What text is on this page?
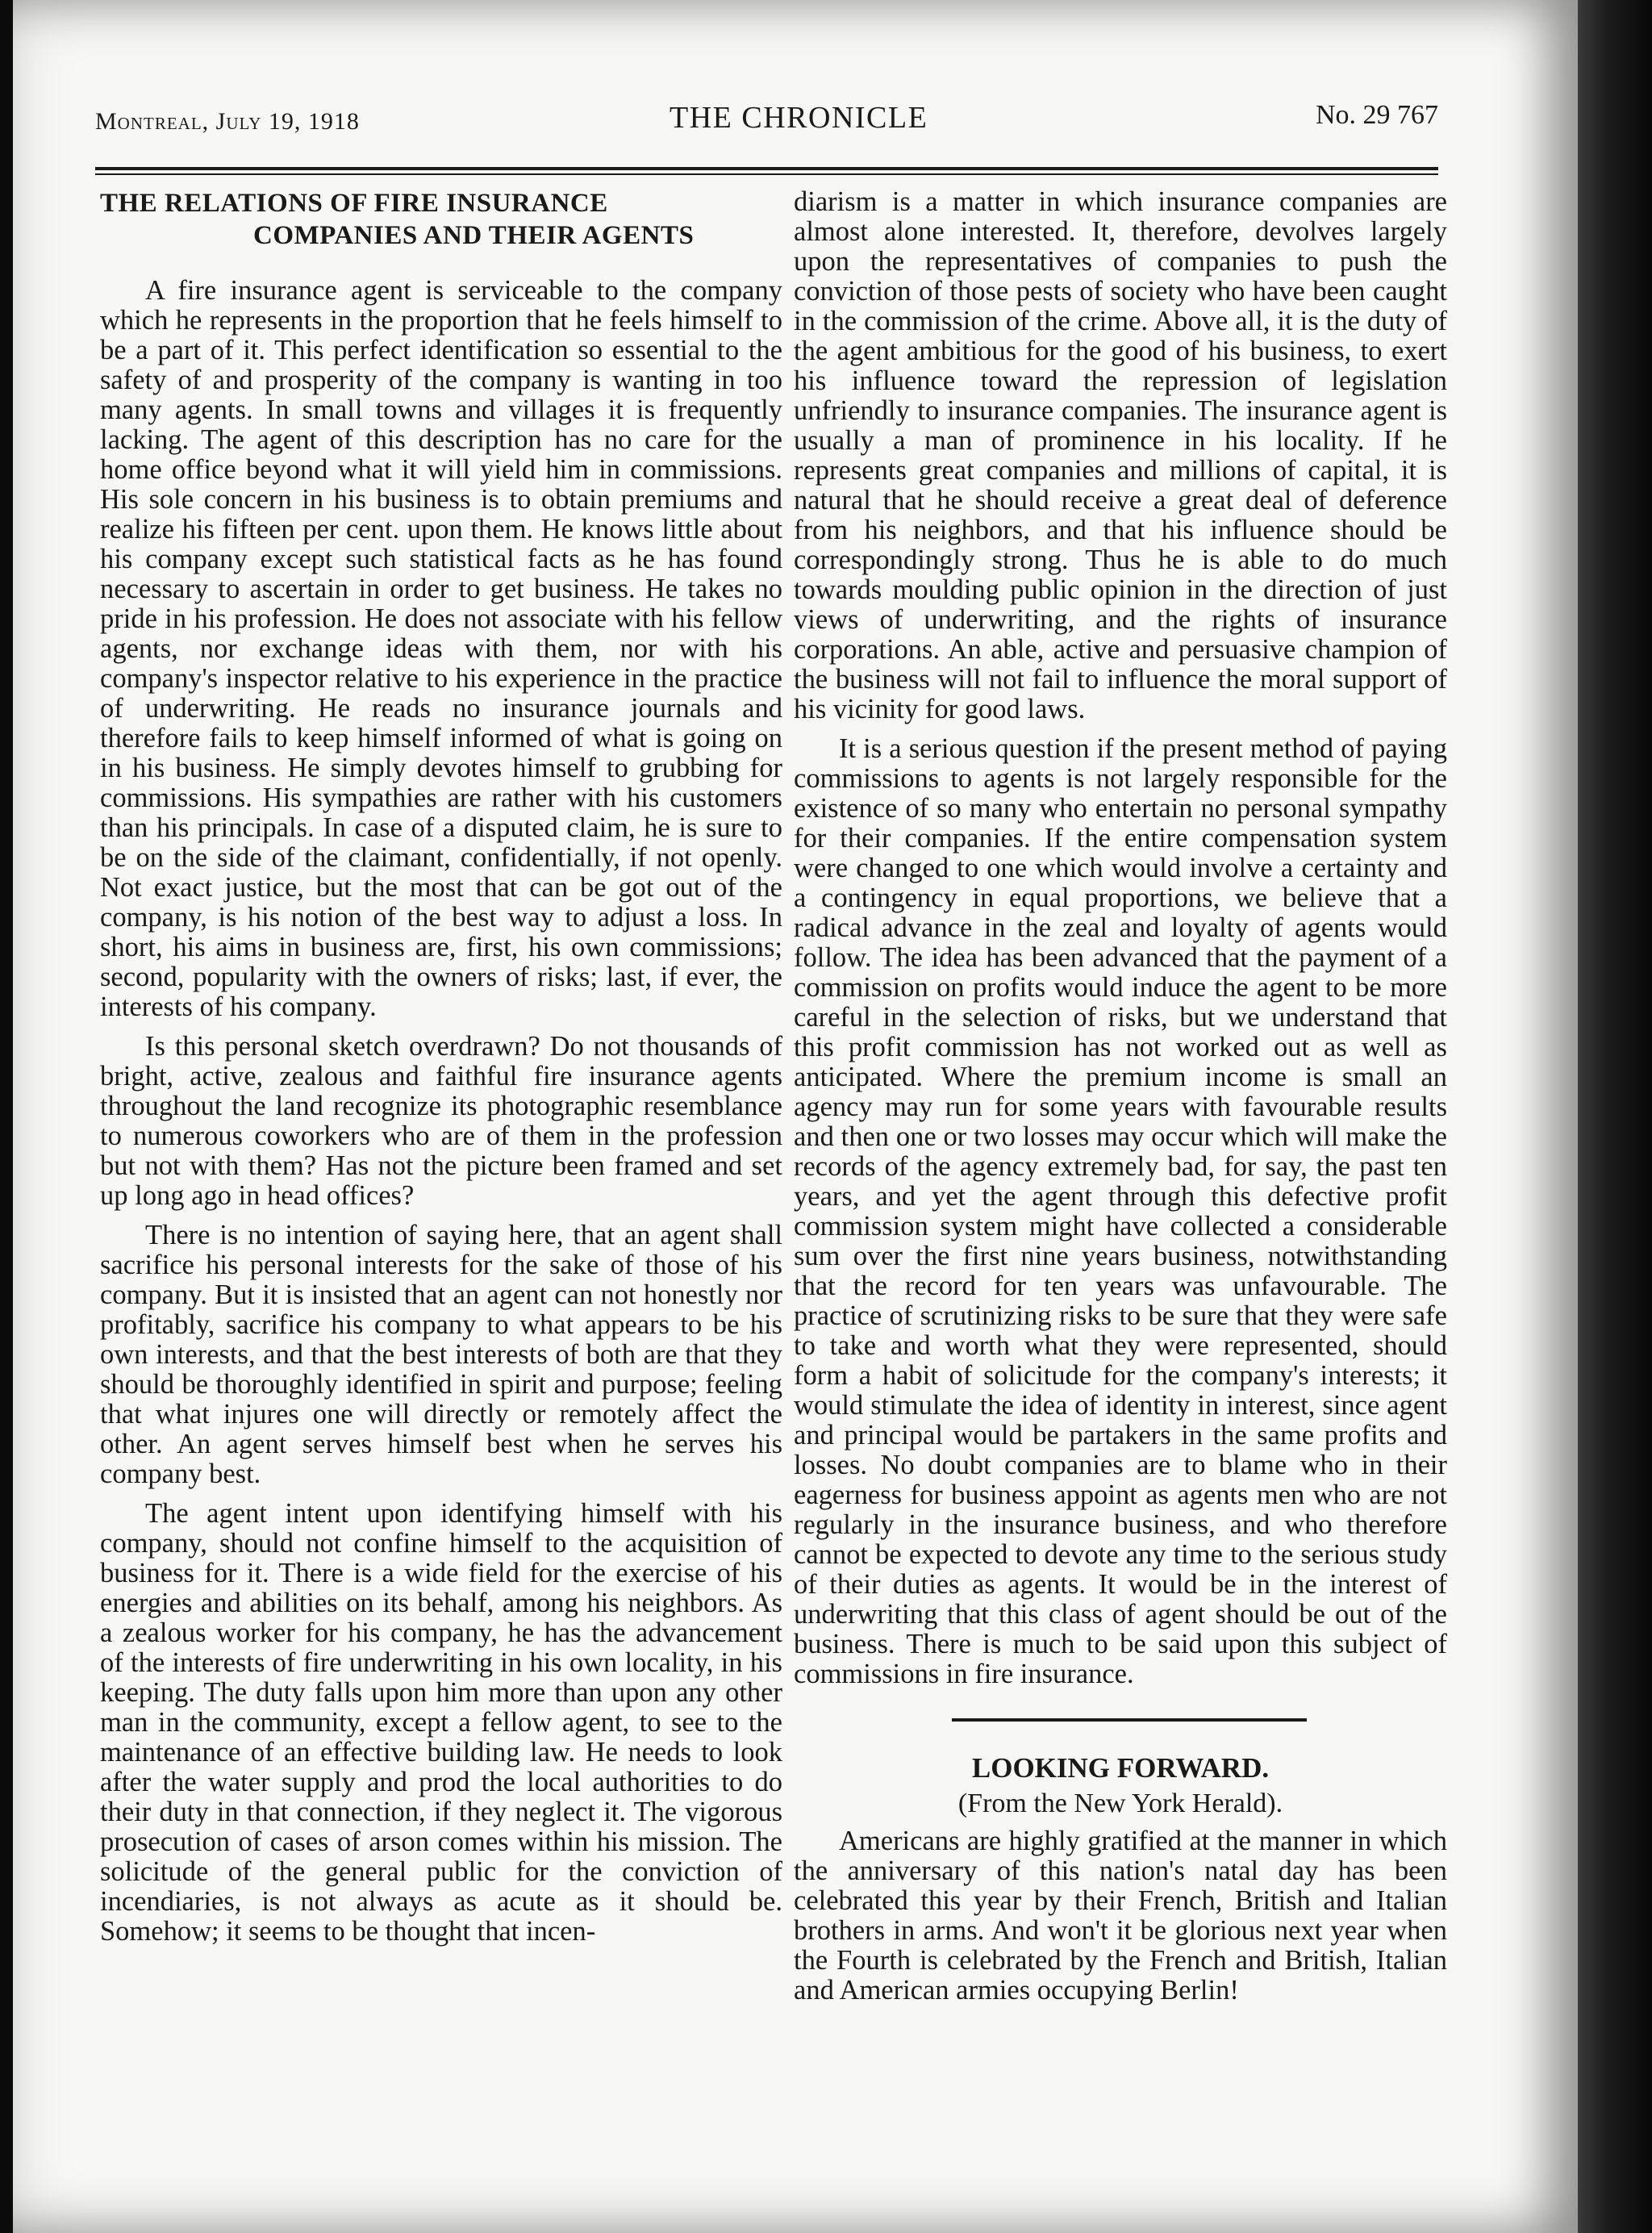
Montreal, July 19, 1918	THE CHRONICLE	No. 29 767
THE RELATIONS OF FIRE INSURANCE
COMPANIES AND THEIR AGENTS

A fire insurance agent is serviceable to the company which he represents in the proportion that he feels himself to be a part of it. This perfect identification so essential to the safety of and prosperity of the company is wanting in too many agents. In small towns and villages it is frequently lacking. The agent of this description has no care for the home office beyond what it will yield him in commissions. His sole concern in his business is to obtain premiums and realize his fifteen per cent. upon them. He knows little about his company except such statistical facts as he has found necessary to ascertain in order to get business. He takes no pride in his profession. He does not associate with his fellow agents, nor exchange ideas with them, nor with his company's inspector relative to his experience in the practice of underwriting. He reads no insurance journals and therefore fails to keep himself informed of what is going on in his business. He simply devotes himself to grubbing for commissions. His sympathies are rather with his customers than his principals. In case of a disputed claim, he is sure to be on the side of the claimant, confidentially, if not openly. Not exact justice, but the most that can be got out of the company, is his notion of the best way to adjust a loss. In short, his aims in business are, first, his own commissions; second, popularity with the owners of risks; last, if ever, the interests of his company.

Is this personal sketch overdrawn? Do not thousands of bright, active, zealous and faithful fire insurance agents throughout the land recognize its photographic resemblance to numerous coworkers who are of them in the profession but not with them? Has not the picture been framed and set up long ago in head offices?

There is no intention of saying here, that an agent shall sacrifice his personal interests for the sake of those of his company. But it is insisted that an agent can not honestly nor profitably, sacrifice his company to what appears to be his own interests, and that the best interests of both are that they should be thoroughly identified in spirit and purpose; feeling that what injures one will directly or remotely affect the other. An agent serves himself best when he serves his company best.

The agent intent upon identifying himself with his company, should not confine himself to the acquisition of business for it. There is a wide field for the exercise of his energies and abilities on its behalf, among his neighbors. As a zealous worker for his company, he has the advancement of the interests of fire underwriting in his own locality, in his keeping. The duty falls upon him more than upon any other man in the community, except a fellow agent, to see to the maintenance of an effective building law. He needs to look after the water supply and prod the local authorities to do their duty in that connection, if they neglect it. The vigorous prosecution of cases of arson comes within his mission. The solicitude of the general public for the conviction of incendiaries, is not always as acute as it should be. Somehow; it seems to be thought that incen-

diarism is a matter in which insurance companies are almost alone interested. It, therefore, devolves largely upon the representatives of companies to push the conviction of those pests of society who have been caught in the commission of the crime. Above all, it is the duty of the agent ambitious for the good of his business, to exert his influence toward the repression of legislation unfriendly to insurance companies. The insurance agent is usually a man of prominence in his locality. If he represents great companies and millions of capital, it is natural that he should receive a great deal of deference from his neighbors, and that his influence should be correspondingly strong. Thus he is able to do much towards moulding public opinion in the direction of just views of underwriting, and the rights of insurance corporations. An able, active and persuasive champion of the business will not fail to influence the moral support of his vicinity for good laws.

It is a serious question if the present method of paying commissions to agents is not largely responsible for the existence of so many who entertain no personal sympathy for their companies. If the entire compensation system were changed to one which would involve a certainty and a contingency in equal proportions, we believe that a radical advance in the zeal and loyalty of agents would follow. The idea has been advanced that the payment of a commission on profits would induce the agent to be more careful in the selection of risks, but we understand that this profit commission has not worked out as well as anticipated. Where the premium income is small an agency may run for some years with favourable results and then one or two losses may occur which will make the records of the agency extremely bad, for say, the past ten years, and yet the agent through this defective profit commission system might have collected a considerable sum over the first nine years business, notwithstanding that the record for ten years was unfavourable. The practice of scrutinizing risks to be sure that they were safe to take and worth what they were represented, should form a habit of solicitude for the company's interests; it would stimulate the idea of identity in interest, since agent and principal would be partakers in the same profits and losses. No doubt companies are to blame who in their eagerness for business appoint as agents men who are not regularly in the insurance business, and who therefore cannot be expected to devote any time to the serious study of their duties as agents. It would be in the interest of underwriting that this class of agent should be out of the business. There is much to be said upon this subject of commissions in fire insurance.

LOOKING FORWARD.

(From the New York Herald).

Americans are highly gratified at the manner in which the anniversary of this nation's natal day has been celebrated this year by their French, British and Italian brothers in arms. And won't it be glorious next year when the Fourth is celebrated by the French and British, Italian and American armies occupying Berlin!
